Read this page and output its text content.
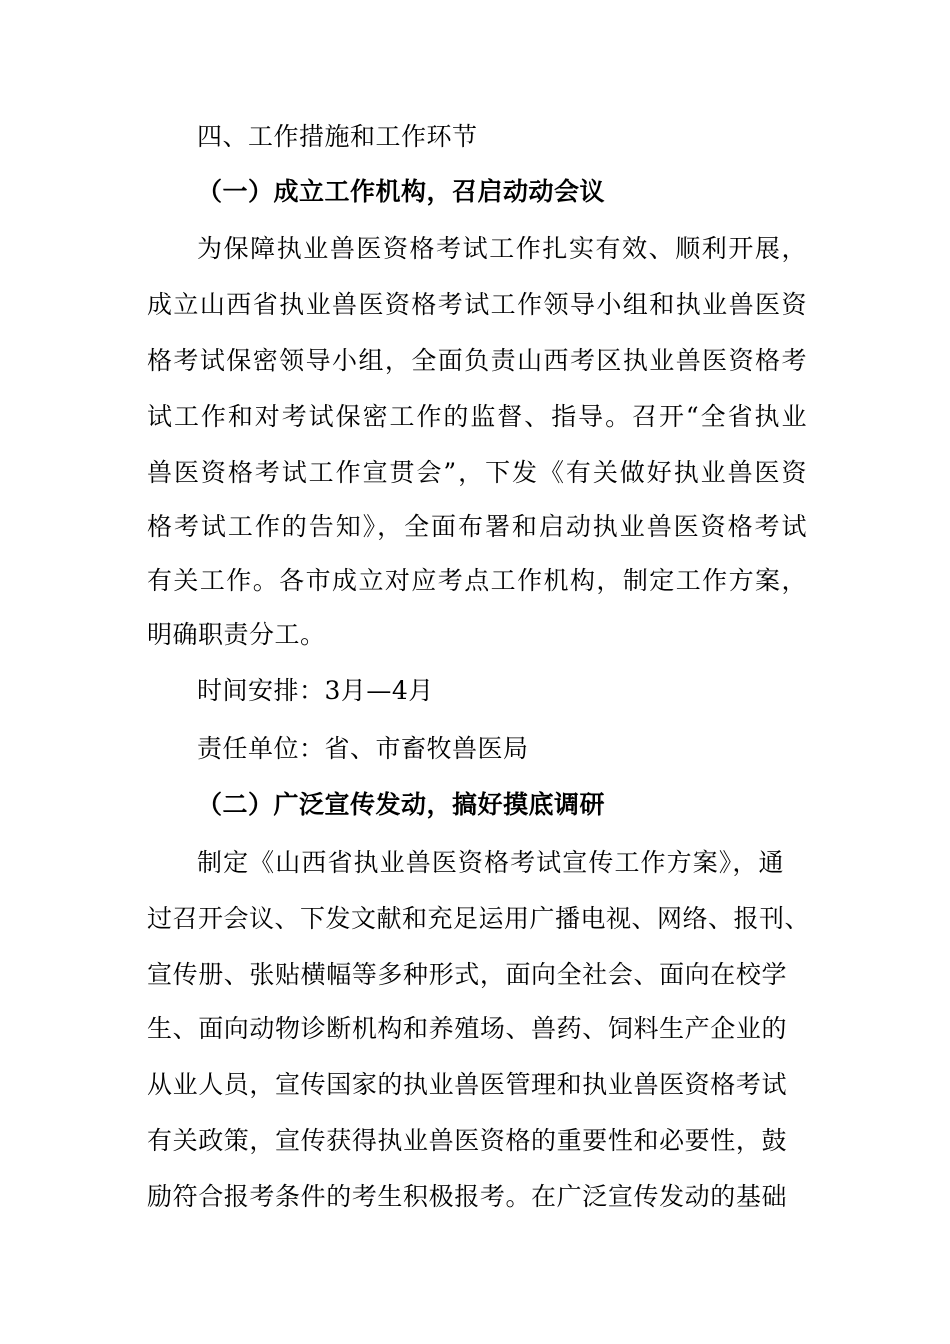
四、工作措施和工作环节
（一）成立工作机构，召启动动会议
为保障执业兽医资格考试工作扎实有效、顺利开展，
成立山西省执业兽医资格考试工作领导小组和执业兽医资
格考试保密领导小组，全面负责山西考区执业兽医资格考
试工作和对考试保密工作的监督、指导。召开“全省执业
兽医资格考试工作宣贯会”，下发《有关做好执业兽医资
格考试工作的告知》，全面布署和启动执业兽医资格考试
有关工作。各市成立对应考点工作机构，制定工作方案，
明确职责分工。
时间安排：3月—4月
责任单位：省、市畜牧兽医局
（二）广泛宣传发动，搞好摸底调研
制定《山西省执业兽医资格考试宣传工作方案》，通
过召开会议、下发文献和充足运用广播电视、网络、报刊、
宣传册、张贴横幅等多种形式，面向全社会、面向在校学
生、面向动物诊断机构和养殖场、兽药、饲料生产企业的
从业人员，宣传国家的执业兽医管理和执业兽医资格考试
有关政策，宣传获得执业兽医资格的重要性和必要性，鼓
励符合报考条件的考生积极报考。在广泛宣传发动的基础
